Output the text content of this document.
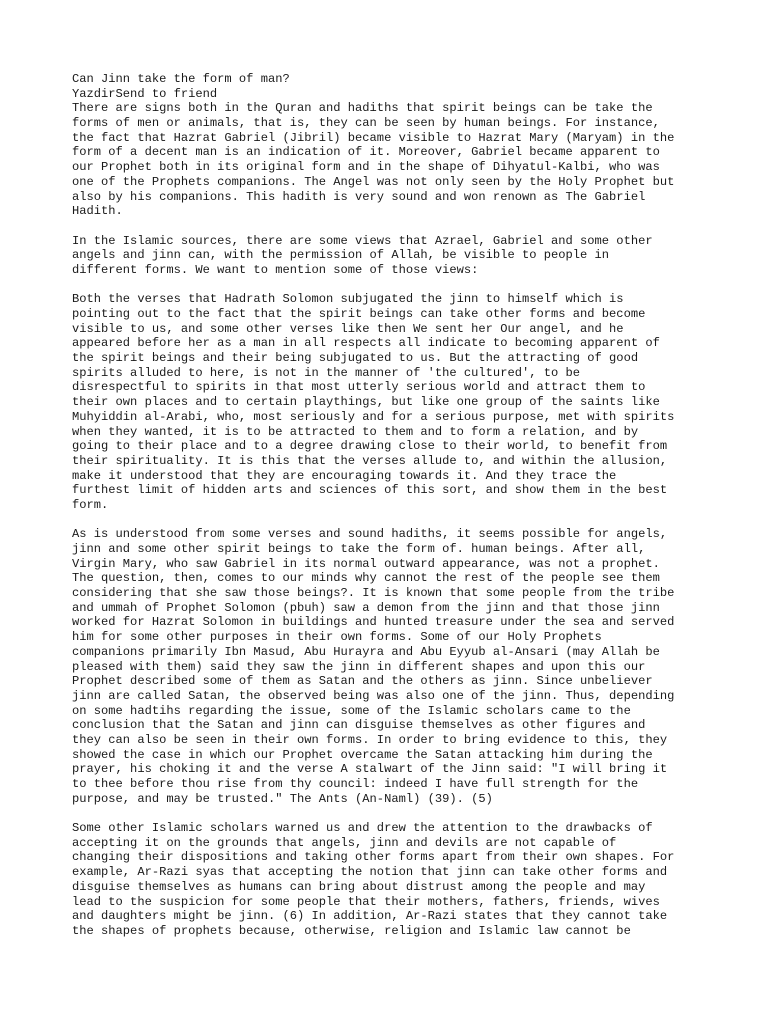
Can Jinn take the form of man?
YazdirSend to friend
There are signs both in the Quran and hadiths that spirit beings can be take the
forms of men or animals, that is, they can be seen by human beings. For instance,
the fact that Hazrat Gabriel (Jibril) became visible to Hazrat Mary (Maryam) in the
form of a decent man is an indication of it. Moreover, Gabriel became apparent to
our Prophet both in its original form and in the shape of Dihyatul-Kalbi, who was
one of the Prophets companions. The Angel was not only seen by the Holy Prophet but
also by his companions. This hadith is very sound and won renown as The Gabriel
Hadith.
In the Islamic sources, there are some views that Azrael, Gabriel and some other
angels and jinn can, with the permission of Allah, be visible to people in
different forms. We want to mention some of those views:
Both the verses that Hadrath Solomon subjugated the jinn to himself which is
pointing out to the fact that the spirit beings can take other forms and become
visible to us, and some other verses like then We sent her Our angel, and he
appeared before her as a man in all respects all indicate to becoming apparent of
the spirit beings and their being subjugated to us. But the attracting of good
spirits alluded to here, is not in the manner of 'the cultured', to be
disrespectful to spirits in that most utterly serious world and attract them to
their own places and to certain playthings, but like one group of the saints like
Muhyiddin al-Arabi, who, most seriously and for a serious purpose, met with spirits
when they wanted, it is to be attracted to them and to form a relation, and by
going to their place and to a degree drawing close to their world, to benefit from
their spirituality. It is this that the verses allude to, and within the allusion,
make it understood that they are encouraging towards it. And they trace the
furthest limit of hidden arts and sciences of this sort, and show them in the best
form.
As is understood from some verses and sound hadiths, it seems possible for angels,
jinn and some other spirit beings to take the form of. human beings. After all,
Virgin Mary, who saw Gabriel in its normal outward appearance, was not a prophet.
The question, then, comes to our minds why cannot the rest of the people see them
considering that she saw those beings?. It is known that some people from the tribe
and ummah of Prophet Solomon (pbuh) saw a demon from the jinn and that those jinn
worked for Hazrat Solomon in buildings and hunted treasure under the sea and served
him for some other purposes in their own forms. Some of our Holy Prophets
companions primarily Ibn Masud, Abu Hurayra and Abu Eyyub al-Ansari (may Allah be
pleased with them) said they saw the jinn in different shapes and upon this our
Prophet described some of them as Satan and the others as jinn. Since unbeliever
jinn are called Satan, the observed being was also one of the jinn. Thus, depending
on some hadtihs regarding the issue, some of the Islamic scholars came to the
conclusion that the Satan and jinn can disguise themselves as other figures and
they can also be seen in their own forms. In order to bring evidence to this, they
showed the case in which our Prophet overcame the Satan attacking him during the
prayer, his choking it and the verse A stalwart of the Jinn said: "I will bring it
to thee before thou rise from thy council: indeed I have full strength for the
purpose, and may be trusted." The Ants (An-Naml) (39). (5)
Some other Islamic scholars warned us and drew the attention to the drawbacks of
accepting it on the grounds that angels, jinn and devils are not capable of
changing their dispositions and taking other forms apart from their own shapes. For
example, Ar-Razi syas that accepting the notion that jinn can take other forms and
disguise themselves as humans can bring about distrust among the people and may
lead to the suspicion for some people that their mothers, fathers, friends, wives
and daughters might be jinn. (6) In addition, Ar-Razi states that they cannot take
the shapes of prophets because, otherwise, religion and Islamic law cannot be
